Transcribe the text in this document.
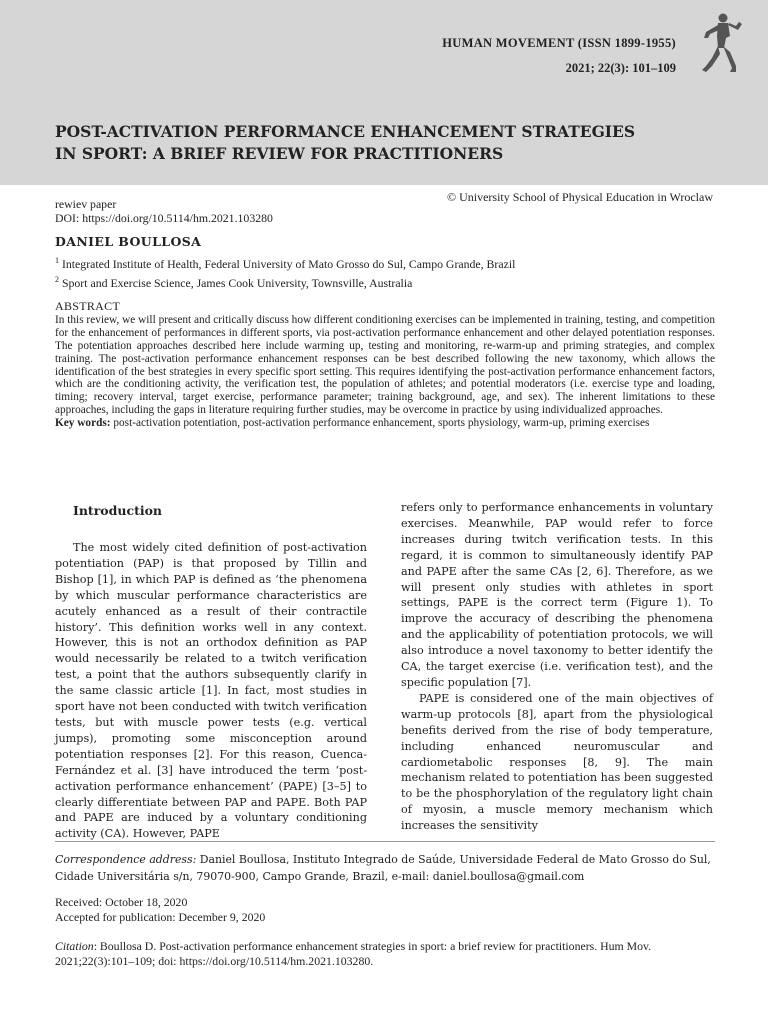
HUMAN MOVEMENT (ISSN 1899-1955)
2021; 22(3): 101–109
POST-ACTIVATION PERFORMANCE ENHANCEMENT STRATEGIES
IN SPORT: A BRIEF REVIEW FOR PRACTITIONERS
© University School of Physical Education in Wroclaw
rewiev paper
DOI: https://doi.org/10.5114/hm.2021.103280
DANIEL BOULLOSA
$^1$ Integrated Institute of Health, Federal University of Mato Grosso do Sul, Campo Grande, Brazil
$^2$ Sport and Exercise Science, James Cook University, Townsville, Australia
ABSTRACT

In this review, we will present and critically discuss how different conditioning exercises can be implemented in training, testing, and competition for the enhancement of performances in different sports, via post-activation performance enhancement and other delayed potentiation responses. The potentiation approaches described here include warming up, testing and monitoring, re-warm-up and priming strategies, and complex training. The post-activation performance enhancement responses can be best described following the new taxonomy, which allows the identification of the best strategies in every specific sport setting. This requires identifying the post-activation performance enhancement factors, which are the conditioning activity, the verification test, the population of athletes; and potential moderators (i.e. exercise type and loading, timing; recovery interval, target exercise, performance parameter; training background, age, and sex). The inherent limitations to these approaches, including the gaps in literature requiring further studies, may be overcome in practice by using individualized approaches.

Key words: post-activation potentiation, post-activation performance enhancement, sports physiology, warm-up, priming exercises

Introduction

The most widely cited definition of post-activation potentiation (PAP) is that proposed by Tillin and Bishop [1], in which PAP is defined as ‘the phenomena by which muscular performance characteristics are acutely enhanced as a result of their contractile history’. This definition works well in any context. However, this is not an orthodox definition as PAP would necessarily be related to a twitch verification test, a point that the authors subsequently clarify in the same classic article [1]. In fact, most studies in sport have not been conducted with twitch verification tests, but with muscle power tests (e.g. vertical jumps), promoting some misconception around potentiation responses [2]. For this reason, Cuenca-Fernández et al. [3] have introduced the term ‘post-activation performance enhancement’ (PAPE) [3–5] to clearly differentiate between PAP and PAPE. Both PAP and PAPE are induced by a voluntary conditioning activity (CA). However, PAPE

refers only to performance enhancements in voluntary exercises. Meanwhile, PAP would refer to force increases during twitch verification tests. In this regard, it is common to simultaneously identify PAP and PAPE after the same CAs [2, 6]. Therefore, as we will present only studies with athletes in sport settings, PAPE is the correct term (Figure 1). To improve the accuracy of describing the phenomena and the applicability of potentiation protocols, we will also introduce a novel taxonomy to better identify the CA, the target exercise (i.e. verification test), and the specific population [7].

PAPE is considered one of the main objectives of warm-up protocols [8], apart from the physiological benefits derived from the rise of body temperature, including enhanced neuromuscular and cardiometabolic responses [8, 9]. The main mechanism related to potentiation has been suggested to be the phosphorylation of the regulatory light chain of myosin, a muscle memory mechanism which increases the sensitivity

Correspondence address: Daniel Boullosa, Instituto Integrado de Saúde, Universidade Federal de Mato Grosso do Sul, Cidade Universitária s/n, 79070-900, Campo Grande, Brazil, e-mail: daniel.boullosa@gmail.com
Received: October 18, 2020
Accepted for publication: December 9, 2020
Citation: Boullosa D. Post-activation performance enhancement strategies in sport: a brief review for practitioners. Hum Mov. 2021;22(3):101–109; doi: https://doi.org/10.5114/hm.2021.103280.
